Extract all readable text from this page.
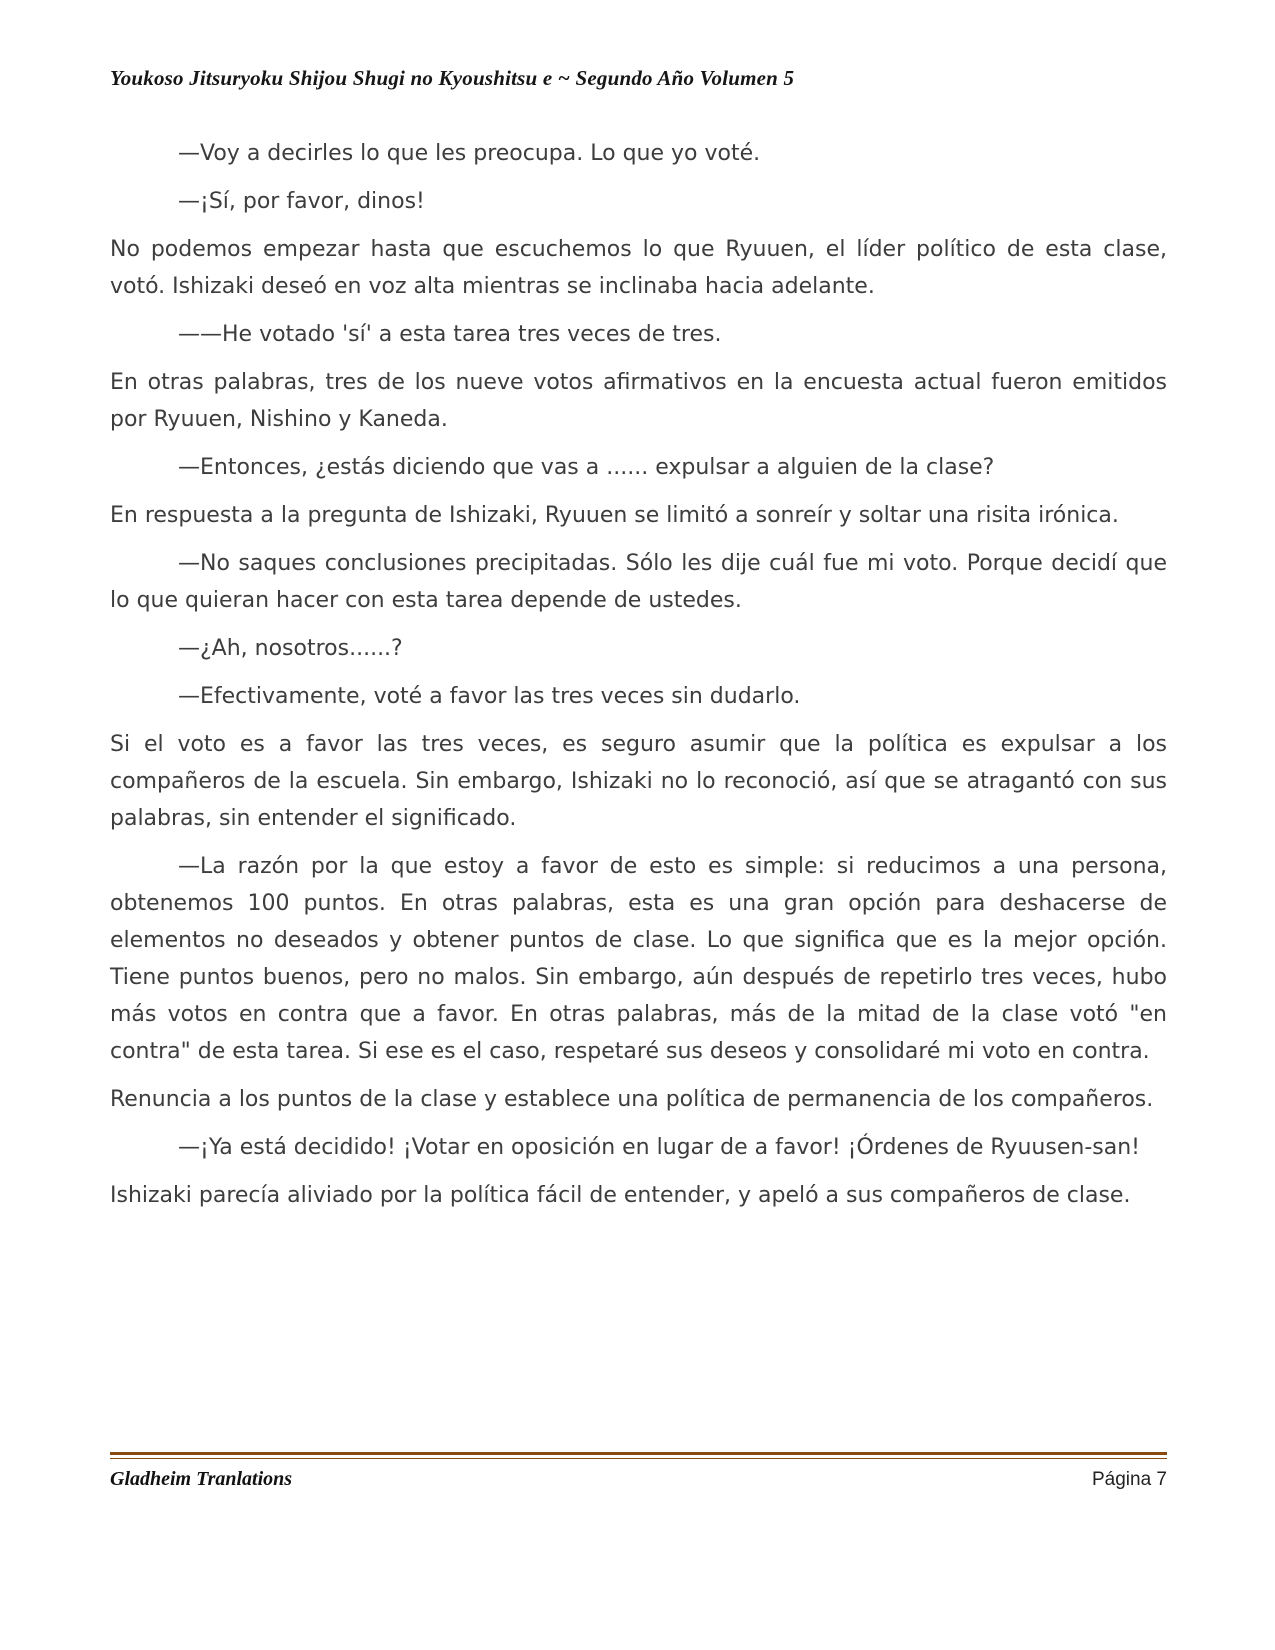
Youkoso Jitsuryoku Shijou Shugi no Kyoushitsu e ~ Segundo Año Volumen 5

—Voy a decirles lo que les preocupa. Lo que yo voté.

—¡Sí, por favor, dinos!

No podemos empezar hasta que escuchemos lo que Ryuuen, el líder político de esta clase, votó. Ishizaki deseó en voz alta mientras se inclinaba hacia adelante.

——He votado 'sí' a esta tarea tres veces de tres.

En otras palabras, tres de los nueve votos afirmativos en la encuesta actual fueron emitidos por Ryuuen, Nishino y Kaneda.

—Entonces, ¿estás diciendo que vas a ...... expulsar a alguien de la clase?

En respuesta a la pregunta de Ishizaki, Ryuuen se limitó a sonreír y soltar una risita irónica.

—No saques conclusiones precipitadas. Sólo les dije cuál fue mi voto. Porque decidí que lo que quieran hacer con esta tarea depende de ustedes.

—¿Ah, nosotros......?

—Efectivamente, voté a favor las tres veces sin dudarlo.

Si el voto es a favor las tres veces, es seguro asumir que la política es expulsar a los compañeros de la escuela. Sin embargo, Ishizaki no lo reconoció, así que se atragantó con sus palabras, sin entender el significado.

—La razón por la que estoy a favor de esto es simple: si reducimos a una persona, obtenemos 100 puntos. En otras palabras, esta es una gran opción para deshacerse de elementos no deseados y obtener puntos de clase. Lo que significa que es la mejor opción. Tiene puntos buenos, pero no malos. Sin embargo, aún después de repetirlo tres veces, hubo más votos en contra que a favor. En otras palabras, más de la mitad de la clase votó "en contra" de esta tarea. Si ese es el caso, respetaré sus deseos y consolidaré mi voto en contra.

Renuncia a los puntos de la clase y establece una política de permanencia de los compañeros.

—¡Ya está decidido! ¡Votar en oposición en lugar de a favor! ¡Órdenes de Ryuusen-san!

Ishizaki parecía aliviado por la política fácil de entender, y apeló a sus compañeros de clase.

Gladheim Tranlations	Página 7
